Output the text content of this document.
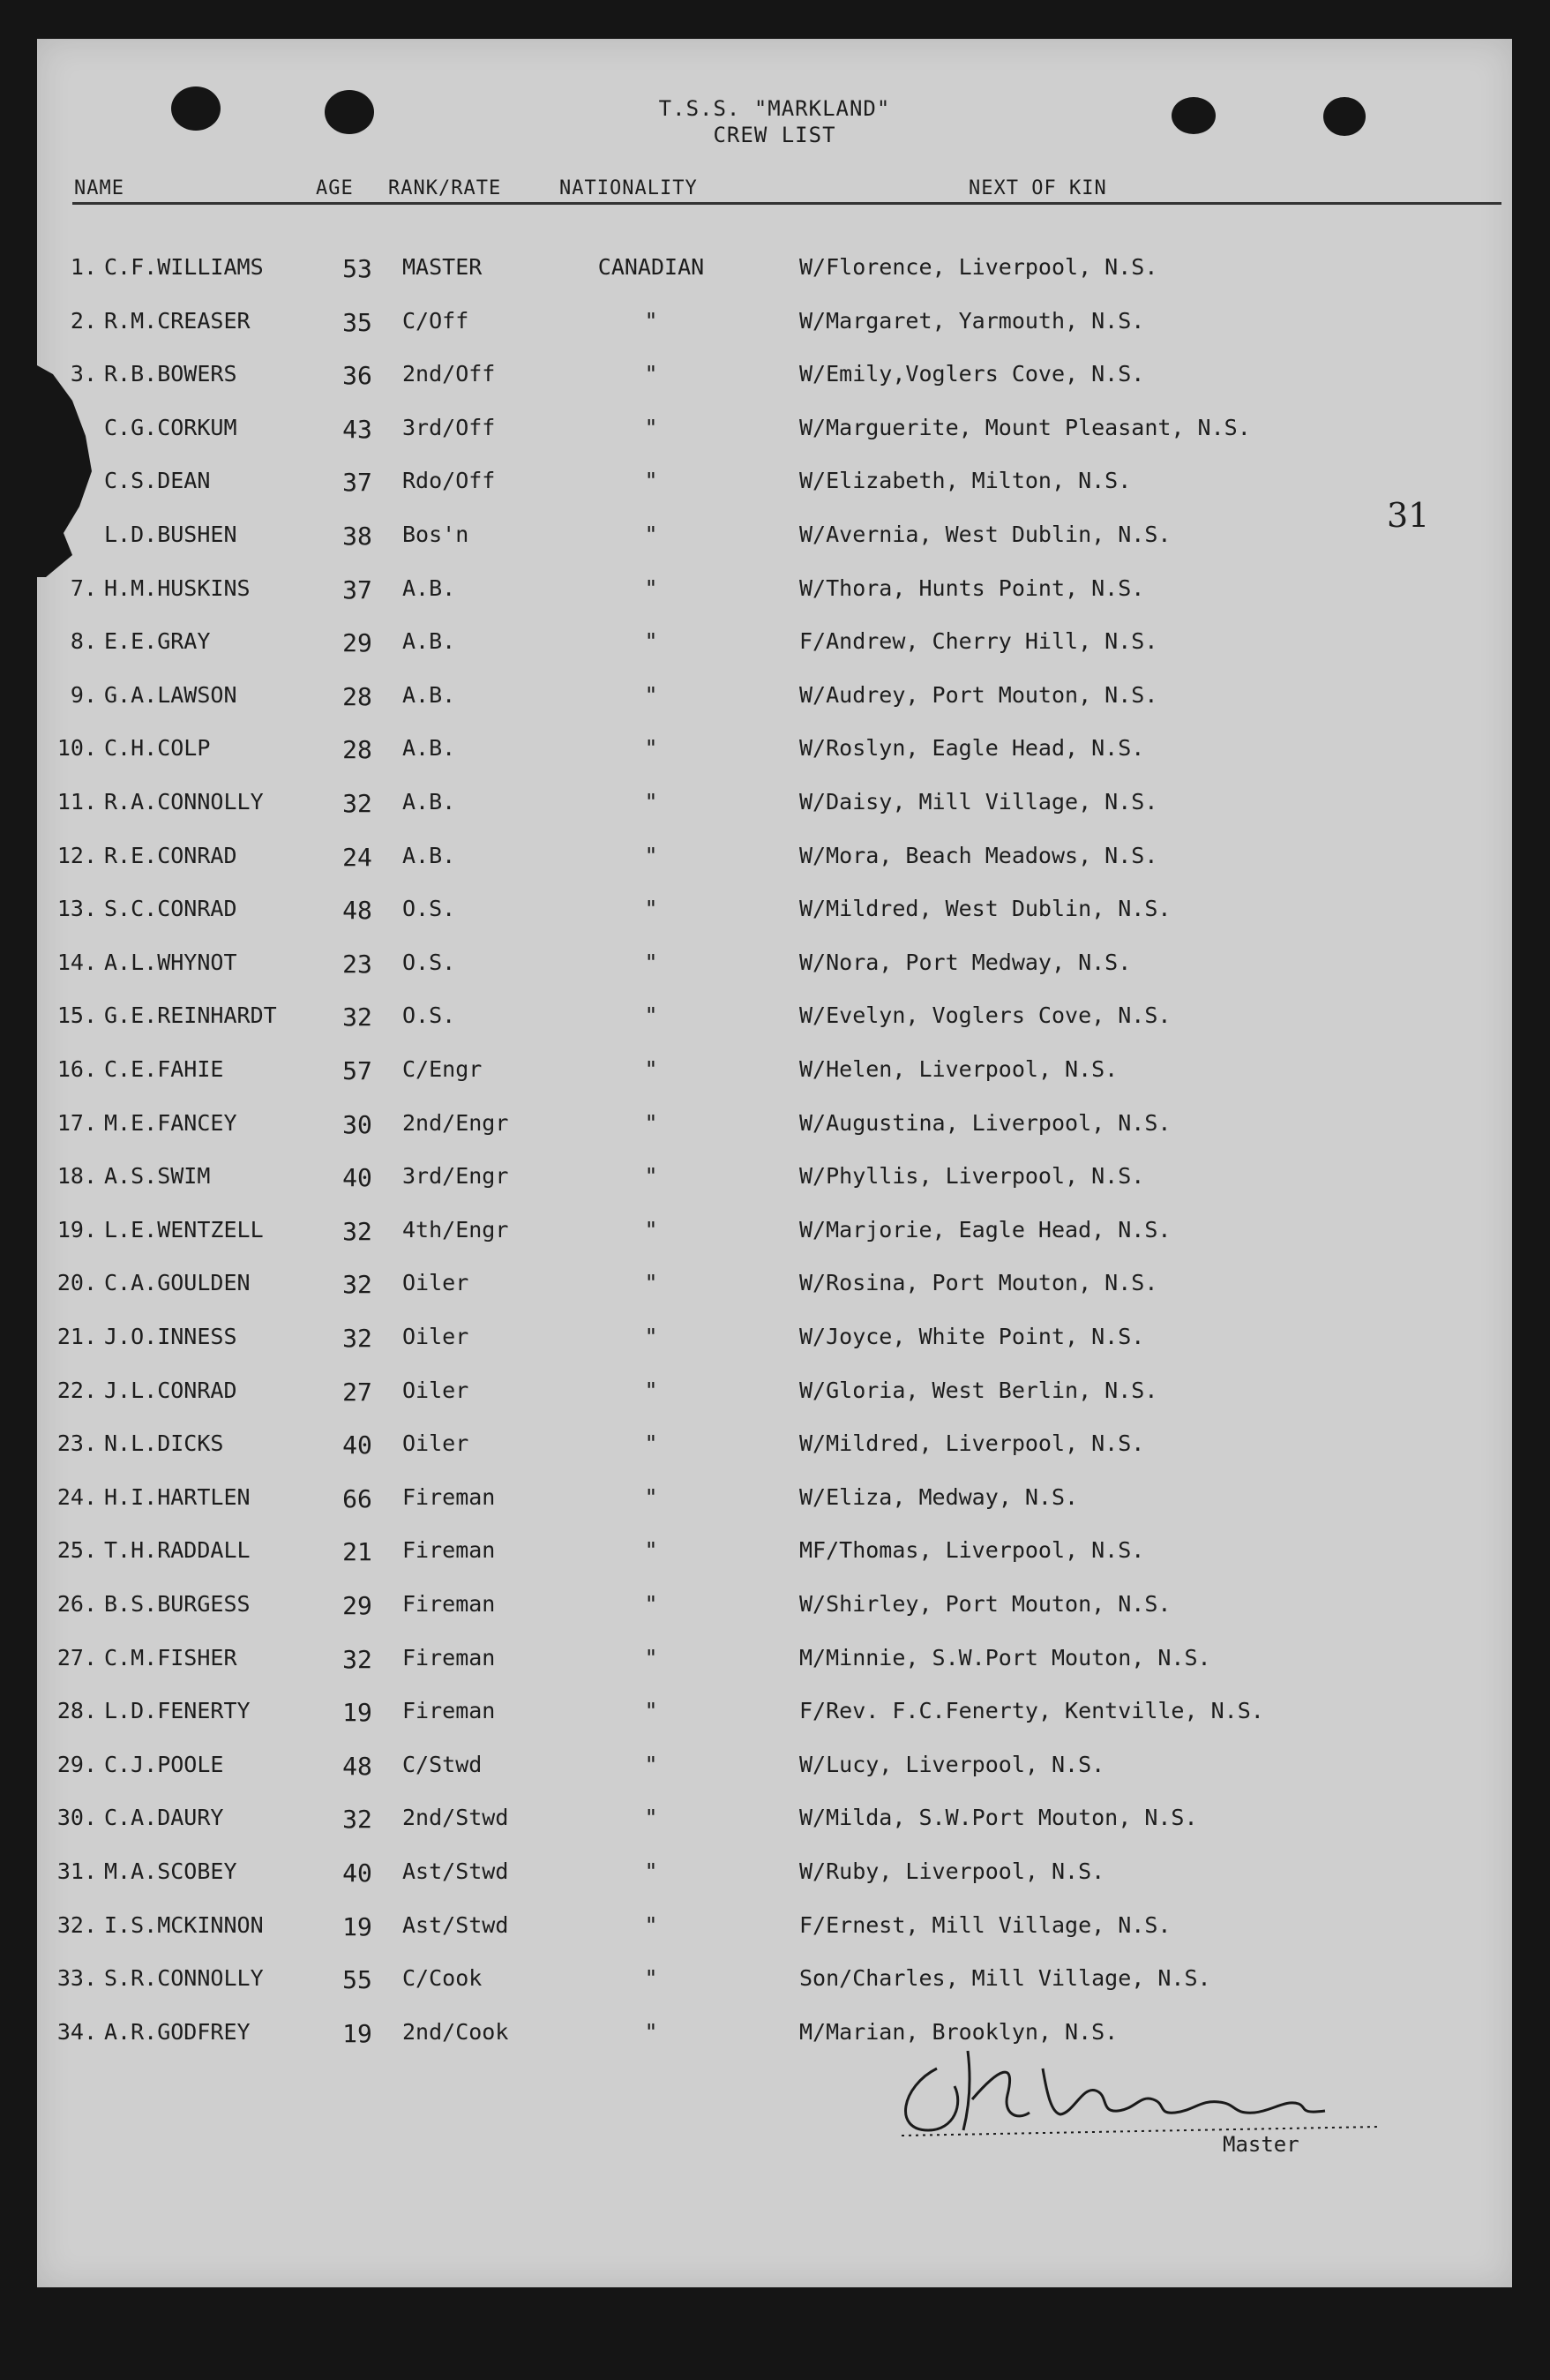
T.S.S. "MARKLAND"
CREW LIST
NAME	AGE RANK/RATE	NATIONALITY	NEXT OF KIN
31
1. C.F.WILLIAMS	53	MASTER	CANADIAN	W/Florence, Liverpool, N.S.
2. R.M.CREASER	35	C/Off	"	W/Margaret, Yarmouth, N.S.
3. R.B.BOWERS	36	2nd/Off	"	W/Emily,Voglers Cove, N.S.
C.G.CORKUM	43	3rd/Off	"	W/Marguerite, Mount Pleasant, N.S.
C.S.DEAN	37	Rdo/Off	"	W/Elizabeth, Milton, N.S.
L.D.BUSHEN	38	Bos'n	"	W/Avernia, West Dublin, N.S.
7. H.M.HUSKINS	37	A.B.	"	W/Thora, Hunts Point, N.S.
8. E.E.GRAY	29	A.B.	"	F/Andrew, Cherry Hill, N.S.
9. G.A.LAWSON	28	A.B.	"	W/Audrey, Port Mouton, N.S.
10. C.H.COLP	28	A.B.	"	W/Roslyn, Eagle Head, N.S.
11. R.A.CONNOLLY	32	A.B.	"	W/Daisy, Mill Village, N.S.
12. R.E.CONRAD	24	A.B.	"	W/Mora, Beach Meadows, N.S.
13. S.C.CONRAD	48	O.S.	"	W/Mildred, West Dublin, N.S.
14. A.L.WHYNOT	23	O.S.	"	W/Nora, Port Medway, N.S.
15. G.E.REINHARDT	32	O.S.	"	W/Evelyn, Voglers Cove, N.S.
16. C.E.FAHIE	57	C/Engr	"	W/Helen, Liverpool, N.S.
17. M.E.FANCEY	30	2nd/Engr	"	W/Augustina, Liverpool, N.S.
18. A.S.SWIM	40	3rd/Engr	"	W/Phyllis, Liverpool, N.S.
19. L.E.WENTZELL	32	4th/Engr	"	W/Marjorie, Eagle Head, N.S.
20. C.A.GOULDEN	32	Oiler	"	W/Rosina, Port Mouton, N.S.
21. J.O.INNESS	32	Oiler	"	W/Joyce, White Point, N.S.
22. J.L.CONRAD	27	Oiler	"	W/Gloria, West Berlin, N.S.
23. N.L.DICKS	40	Oiler	"	W/Mildred, Liverpool, N.S.
24. H.I.HARTLEN	66	Fireman	"	W/Eliza, Medway, N.S.
25. T.H.RADDALL	21	Fireman	"	MF/Thomas, Liverpool, N.S.
26. B.S.BURGESS	29	Fireman	"	W/Shirley, Port Mouton, N.S.
27. C.M.FISHER	32	Fireman	"	M/Minnie, S.W.Port Mouton, N.S.
28. L.D.FENERTY	19	Fireman	"	F/Rev. F.C.Fenerty, Kentville, N.S.
29. C.J.POOLE	48	C/Stwd	"	W/Lucy, Liverpool, N.S.
30. C.A.DAURY	32	2nd/Stwd	"	W/Milda, S.W.Port Mouton, N.S.
31. M.A.SCOBEY	40	Ast/Stwd	"	W/Ruby, Liverpool, N.S.
32. I.S.MCKINNON	19	Ast/Stwd	"	F/Ernest, Mill Village, N.S.
33. S.R.CONNOLLY	55	C/Cook	"	Son/Charles, Mill Village, N.S.
34. A.R.GODFREY	19	2nd/Cook	"	M/Marian, Brooklyn, N.S.
Master
